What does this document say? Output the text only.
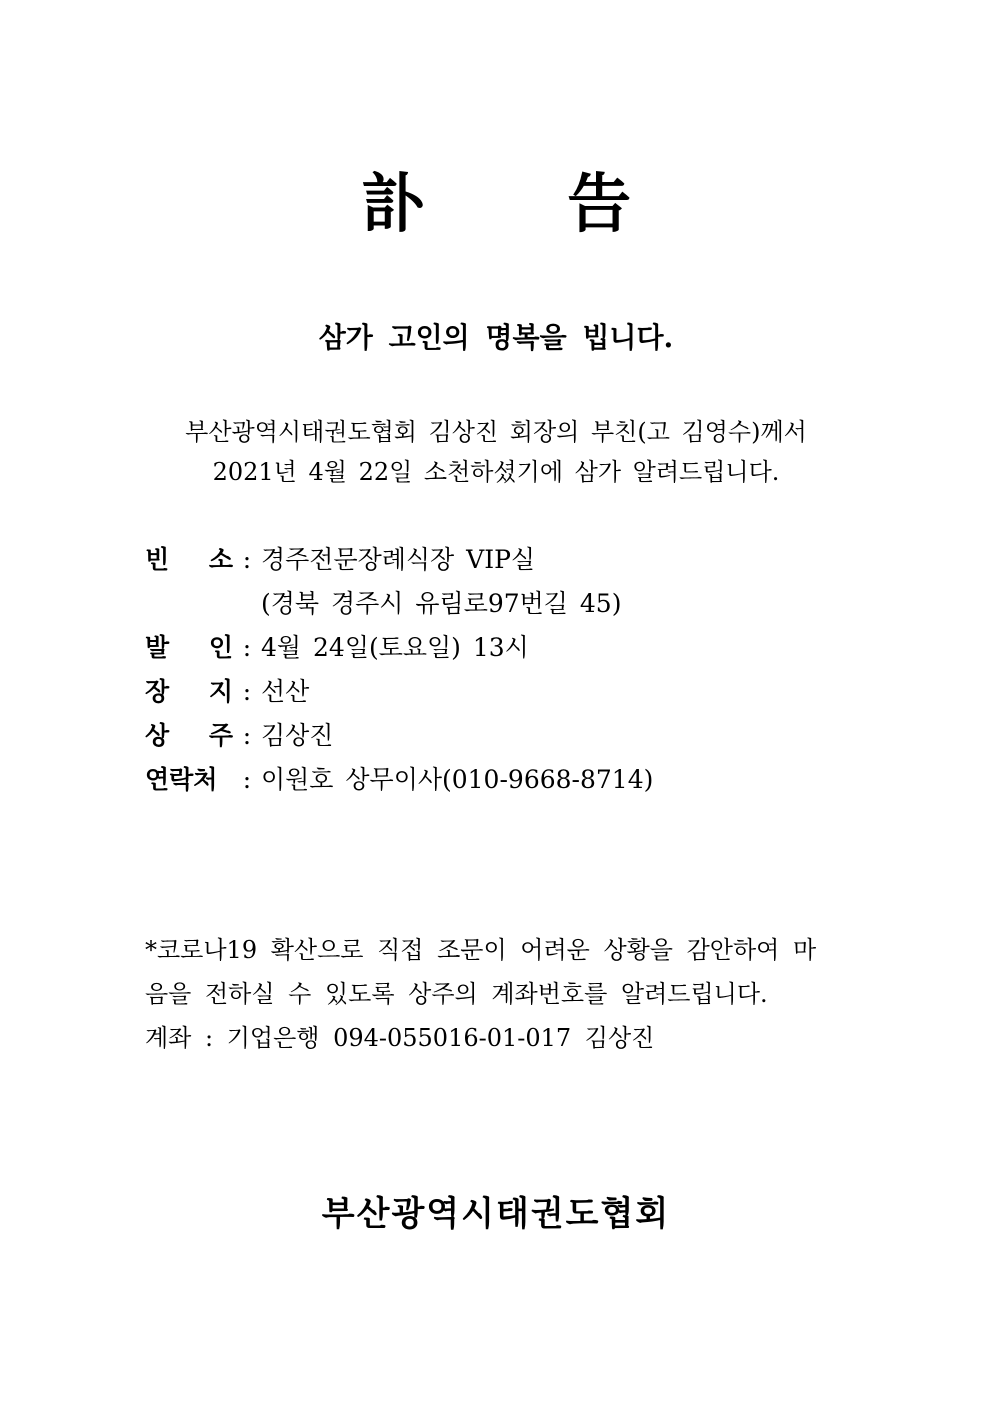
訃 告
삼가 고인의 명복을 빕니다.
부산광역시태권도협회 김상진 회장의 부친(고 김영수)께서
2021년 4월 22일 소천하셨기에 삼가 알려드립니다.
빈 소 : 경주전문장례식장 VIP실
(경북 경주시 유림로97번길 45)
발 인 : 4월 24일(토요일) 13시
장 지 : 선산
상 주 : 김상진
연락처	: 이원호 상무이사(010-9668-8714)
*코로나19 확산으로 직접 조문이 어려운 상황을 감안하여 마
음을 전하실 수 있도록 상주의 계좌번호를 알려드립니다.
계좌 : 기업은행 094-055016-01-017 김상진
부산광역시태권도협회
